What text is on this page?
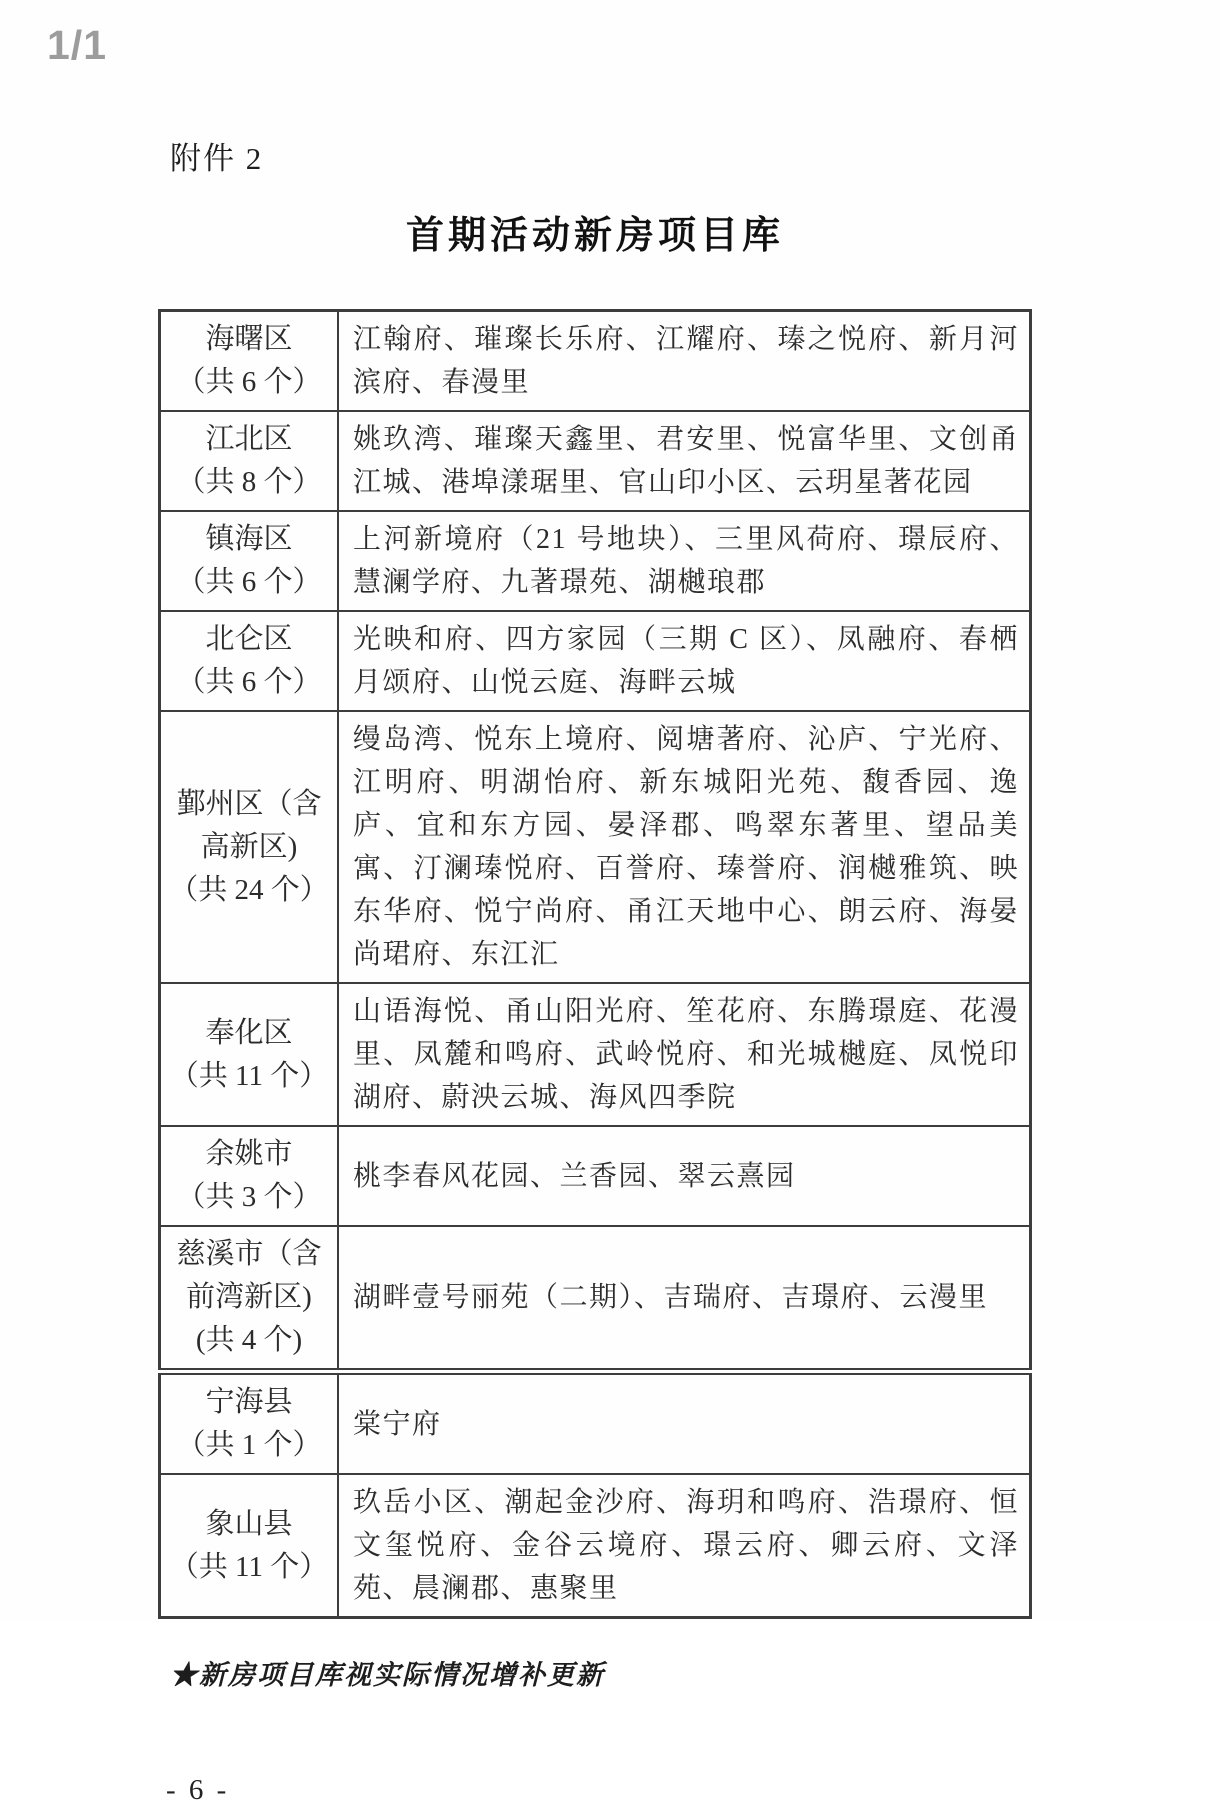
1/1
附件 2
首期活动新房项目库
海曙区
（共 6 个）	江翰府、璀璨长乐府、江耀府、瑧之悦府、新月河滨府、春漫里

江北区
（共 8 个）	姚玖湾、璀璨天鑫里、君安里、悦富华里、文创甬江城、港埠漾琚里、官山印小区、云玥星著花园

镇海区
（共 6 个）	上河新境府（21 号地块）、三里风荷府、璟辰府、慧澜学府、九著璟苑、湖樾琅郡

北仑区
（共 6 个）	光映和府、四方家园（三期 C 区）、凤融府、春栖月颂府、山悦云庭、海畔云城

鄞州区（含
高新区)
（共 24 个）	缦岛湾、悦东上境府、阅塘著府、沁庐、宁光府、江明府、明湖怡府、新东城阳光苑、馥香园、逸庐、宜和东方园、晏泽郡、鸣翠东著里、望品美寓、汀澜瑧悦府、百誉府、瑧誉府、润樾雅筑、映东华府、悦宁尚府、甬江天地中心、朗云府、海晏尚珺府、东江汇

奉化区
（共 11 个）	山语海悦、甬山阳光府、笙花府、东腾璟庭、花漫里、凤麓和鸣府、武岭悦府、和光城樾庭、凤悦印湖府、蔚泱云城、海风四季院

余姚市
（共 3 个）	桃李春风花园、兰香园、翠云熹园

慈溪市（含
前湾新区)
(共 4 个)	湖畔壹号丽苑（二期）、吉瑞府、吉璟府、云漫里

宁海县
（共 1 个）	棠宁府

象山县
（共 11 个）	玖岳小区、潮起金沙府、海玥和鸣府、浩璟府、恒文玺悦府、金谷云境府、璟云府、卿云府、文泽苑、晨澜郡、惠聚里
★新房项目库视实际情况增补更新
- 6 -
